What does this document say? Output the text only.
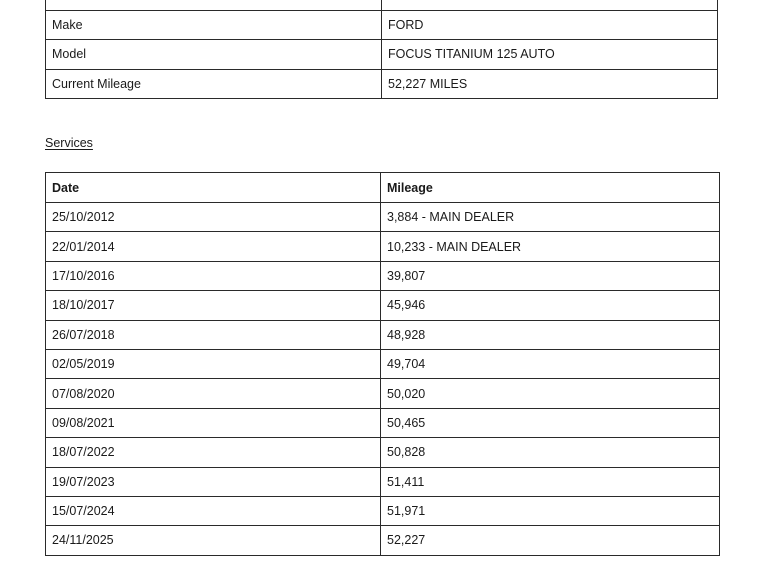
Make	FORD
Model	FOCUS TITANIUM 125 AUTO
Current Mileage	52,227 MILES
Services
Date	Mileage
25/10/2012	3,884 - MAIN DEALER
22/01/2014	10,233 - MAIN DEALER
17/10/2016	39,807
18/10/2017	45,946
26/07/2018	48,928
02/05/2019	49,704
07/08/2020	50,020
09/08/2021	50,465
18/07/2022	50,828
19/07/2023	51,411
15/07/2024	51,971
24/11/2025	52,227
